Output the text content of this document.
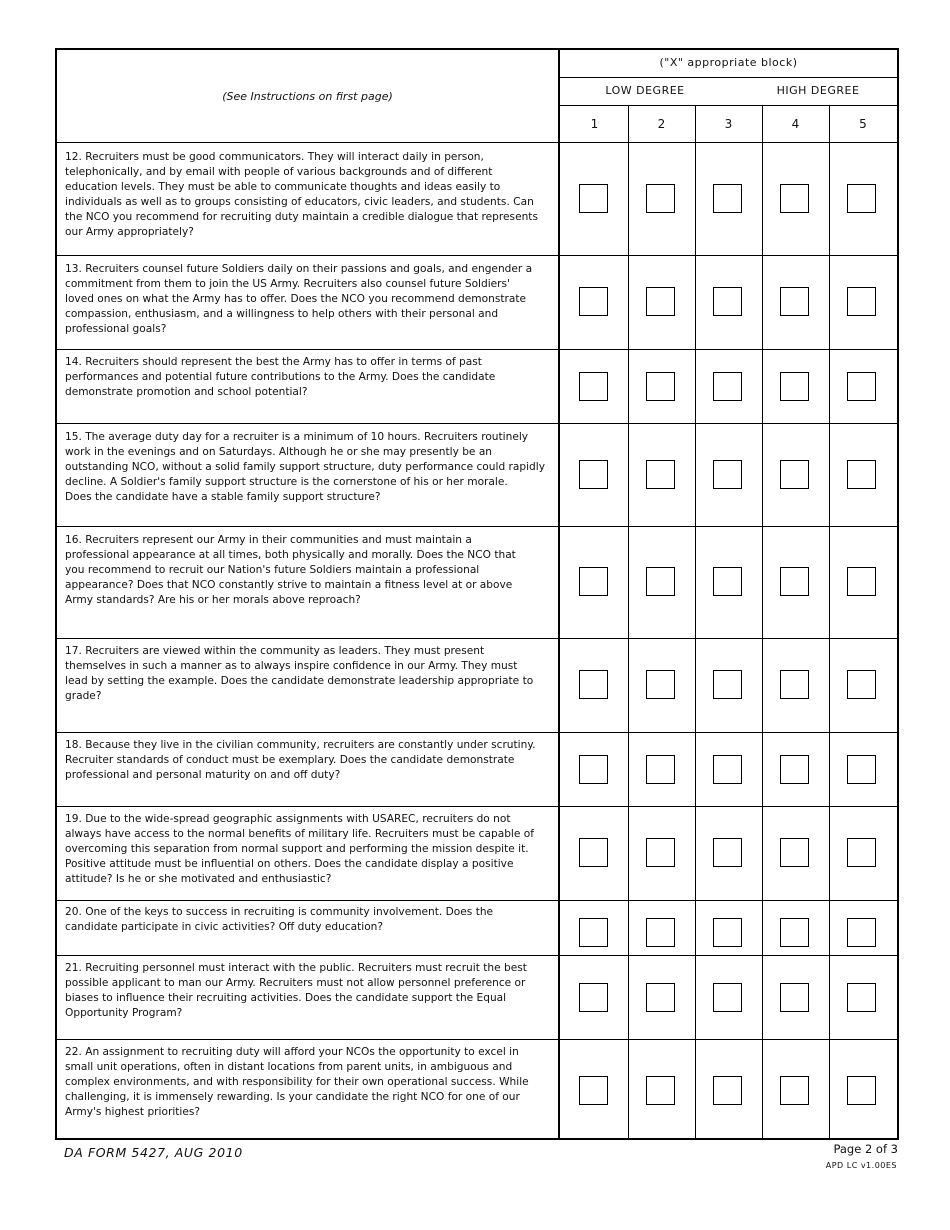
(See Instructions on first page)
("X" appropriate block)
LOW DEGREE	HIGH DEGREE
1	2	3	4	5
12. Recruiters must be good communicators. They will interact daily in person,
telephonically, and by email with people of various backgrounds and of different
education levels. They must be able to communicate thoughts and ideas easily to
individuals as well as to groups consisting of educators, civic leaders, and students. Can
the NCO you recommend for recruiting duty maintain a credible dialogue that represents
our Army appropriately?
13. Recruiters counsel future Soldiers daily on their passions and goals, and engender a
commitment from them to join the US Army. Recruiters also counsel future Soldiers'
loved ones on what the Army has to offer. Does the NCO you recommend demonstrate
compassion, enthusiasm, and a willingness to help others with their personal and
professional goals?
14. Recruiters should represent the best the Army has to offer in terms of past
performances and potential future contributions to the Army. Does the candidate
demonstrate promotion and school potential?
15. The average duty day for a recruiter is a minimum of 10 hours. Recruiters routinely
work in the evenings and on Saturdays. Although he or she may presently be an
outstanding NCO, without a solid family support structure, duty performance could rapidly
decline. A Soldier's family support structure is the cornerstone of his or her morale.
Does the candidate have a stable family support structure?
16. Recruiters represent our Army in their communities and must maintain a
professional appearance at all times, both physically and morally. Does the NCO that
you recommend to recruit our Nation's future Soldiers maintain a professional
appearance? Does that NCO constantly strive to maintain a fitness level at or above
Army standards? Are his or her morals above reproach?
17. Recruiters are viewed within the community as leaders. They must present
themselves in such a manner as to always inspire confidence in our Army. They must
lead by setting the example. Does the candidate demonstrate leadership appropriate to
grade?
18. Because they live in the civilian community, recruiters are constantly under scrutiny.
Recruiter standards of conduct must be exemplary. Does the candidate demonstrate
professional and personal maturity on and off duty?
19. Due to the wide-spread geographic assignments with USAREC, recruiters do not
always have access to the normal benefits of military life. Recruiters must be capable of
overcoming this separation from normal support and performing the mission despite it.
Positive attitude must be influential on others. Does the candidate display a positive
attitude? Is he or she motivated and enthusiastic?
20. One of the keys to success in recruiting is community involvement. Does the
candidate participate in civic activities? Off duty education?
21. Recruiting personnel must interact with the public. Recruiters must recruit the best
possible applicant to man our Army. Recruiters must not allow personnel preference or
biases to influence their recruiting activities. Does the candidate support the Equal
Opportunity Program?
22. An assignment to recruiting duty will afford your NCOs the opportunity to excel in
small unit operations, often in distant locations from parent units, in ambiguous and
complex environments, and with responsibility for their own operational success. While
challenging, it is immensely rewarding. Is your candidate the right NCO for one of our
Army's highest priorities?
DA FORM 5427, AUG 2010	Page 2 of 3
APD LC v1.00ES
